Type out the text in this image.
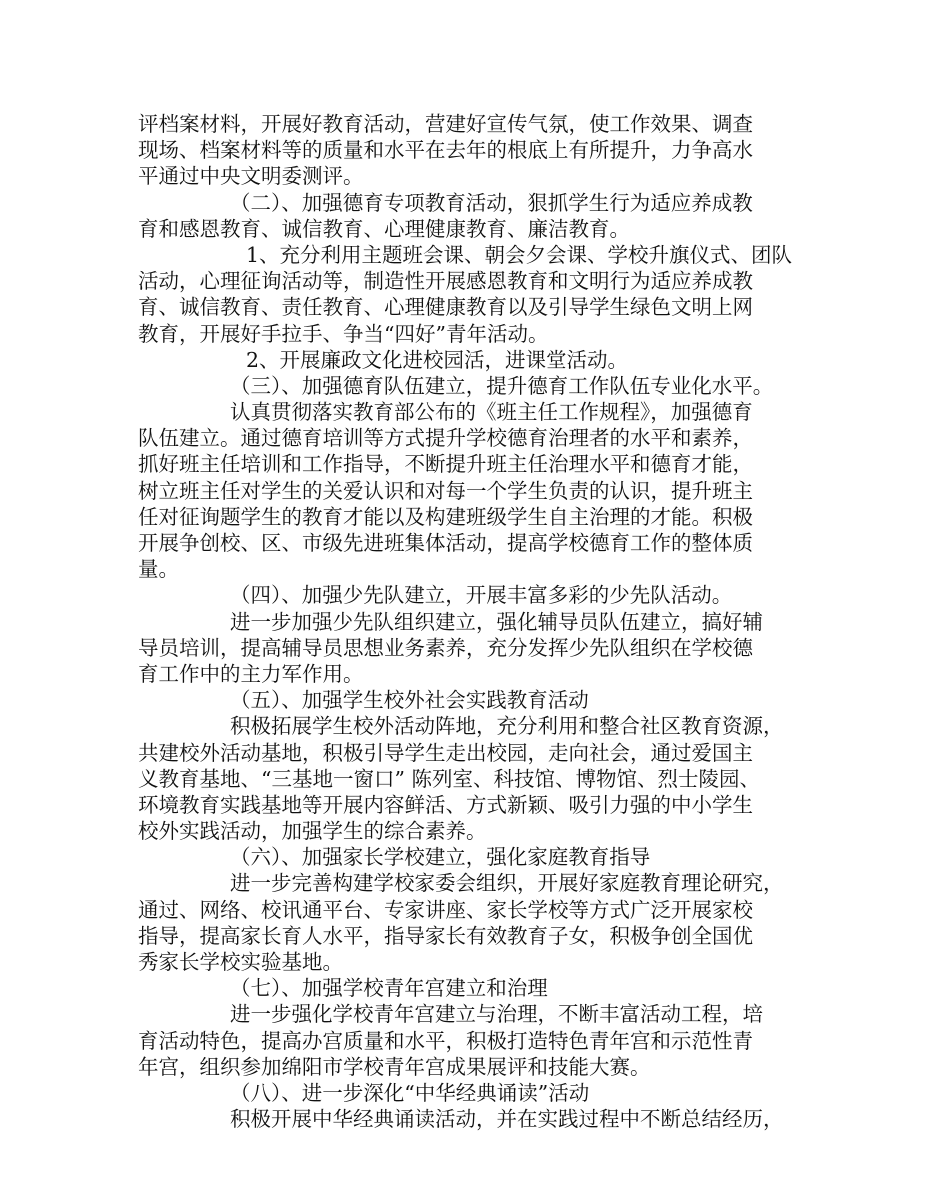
评档案材料，开展好教育活动，营建好宣传气氛，使工作效果、调查
现场、档案材料等的质量和水平在去年的根底上有所提升，力争高水
平通过中央文明委测评。
（二）、加强德育专项教育活动，狠抓学生行为适应养成教
育和感恩教育、诚信教育、心理健康教育、廉洁教育。
1、充分利用主题班会课、朝会夕会课、学校升旗仪式、团队
活动，心理征询活动等，制造性开展感恩教育和文明行为适应养成教
育、诚信教育、责任教育、心理健康教育以及引导学生绿色文明上网
教育，开展好手拉手、争当“四好”青年活动。
2、开展廉政文化进校园活，进课堂活动。
（三）、加强德育队伍建立，提升德育工作队伍专业化水平。
认真贯彻落实教育部公布的《班主任工作规程》，加强德育
队伍建立。通过德育培训等方式提升学校德育治理者的水平和素养，
抓好班主任培训和工作指导，不断提升班主任治理水平和德育才能，
树立班主任对学生的关爱认识和对每一个学生负责的认识，提升班主
任对征询题学生的教育才能以及构建班级学生自主治理的才能。积极
开展争创校、区、市级先进班集体活动，提高学校德育工作的整体质
量。
（四）、加强少先队建立，开展丰富多彩的少先队活动。
进一步加强少先队组织建立，强化辅导员队伍建立，搞好辅
导员培训，提高辅导员思想业务素养，充分发挥少先队组织在学校德
育工作中的主力军作用。
（五）、加强学生校外社会实践教育活动
积极拓展学生校外活动阵地，充分利用和整合社区教育资源，
共建校外活动基地，积极引导学生走出校园，走向社会，通过爱国主
义教育基地、“三基地一窗口” 陈列室、科技馆、博物馆、烈士陵园、
环境教育实践基地等开展内容鲜活、方式新颖、吸引力强的中小学生
校外实践活动，加强学生的综合素养。
（六）、加强家长学校建立，强化家庭教育指导
进一步完善构建学校家委会组织，开展好家庭教育理论研究，
通过、网络、校讯通平台、专家讲座、家长学校等方式广泛开展家校
指导，提高家长育人水平，指导家长有效教育子女，积极争创全国优
秀家长学校实验基地。
（七）、加强学校青年宫建立和治理
进一步强化学校青年宫建立与治理，不断丰富活动工程，培
育活动特色，提高办宫质量和水平，积极打造特色青年宫和示范性青
年宫，组织参加绵阳市学校青年宫成果展评和技能大赛。
（八）、进一步深化“中华经典诵读”活动
积极开展中华经典诵读活动，并在实践过程中不断总结经历，
